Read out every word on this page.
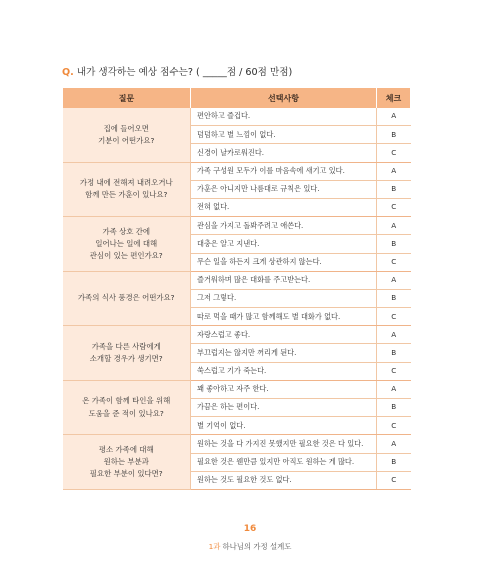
Q. 내가 생각하는 예상 점수는? ( _____점 / 60점 만점)
질문	선택사항	체크

집에 들어오면
기분이 어떤가요?	편안하고 즐겁다.	A
	덤덤하고 별 느낌이 없다.	B
	신경이 날카로워진다.	C

가정 내에 전해져 내려오거나
함께 만든 가훈이 있나요?	가족 구성원 모두가 이를 마음속에 새기고 있다.	A
	가훈은 아니지만 나름대로 규칙은 있다.	B
	전혀 없다.	C

가족 상호 간에
일어나는 일에 대해
관심이 있는 편인가요?	관심을 가지고 돌봐주려고 애쓴다.	A
	대충은 알고 지낸다.	B
	무슨 일을 하든지 크게 상관하지 않는다.	C

가족의 식사 풍경은 어떤가요?	즐거워하며 많은 대화를 주고받는다.	A
	그저 그렇다.	B
	따로 먹을 때가 많고 함께해도 별 대화가 없다.	C

가족을 다른 사람에게
소개할 경우가 생기면?	자랑스럽고 좋다.	A
	부끄럽지는 않지만 꺼리게 된다.	B
	쑥스럽고 기가 죽는다.	C

온 가족이 함께 타인을 위해
도움을 준 적이 있나요?	꽤 좋아하고 자주 한다.	A
	가끔은 하는 편이다.	B
	별 기억이 없다.	C

평소 가족에 대해
원하는 부분과
필요한 부분이 있다면?	원하는 것을 다 가지진 못했지만 필요한 것은 다 있다.	A
	필요한 것은 웬만큼 있지만 아직도 원하는 게 많다.	B
	원하는 것도 필요한 것도 없다.	C
16
1과 하나님의 가정 설계도
